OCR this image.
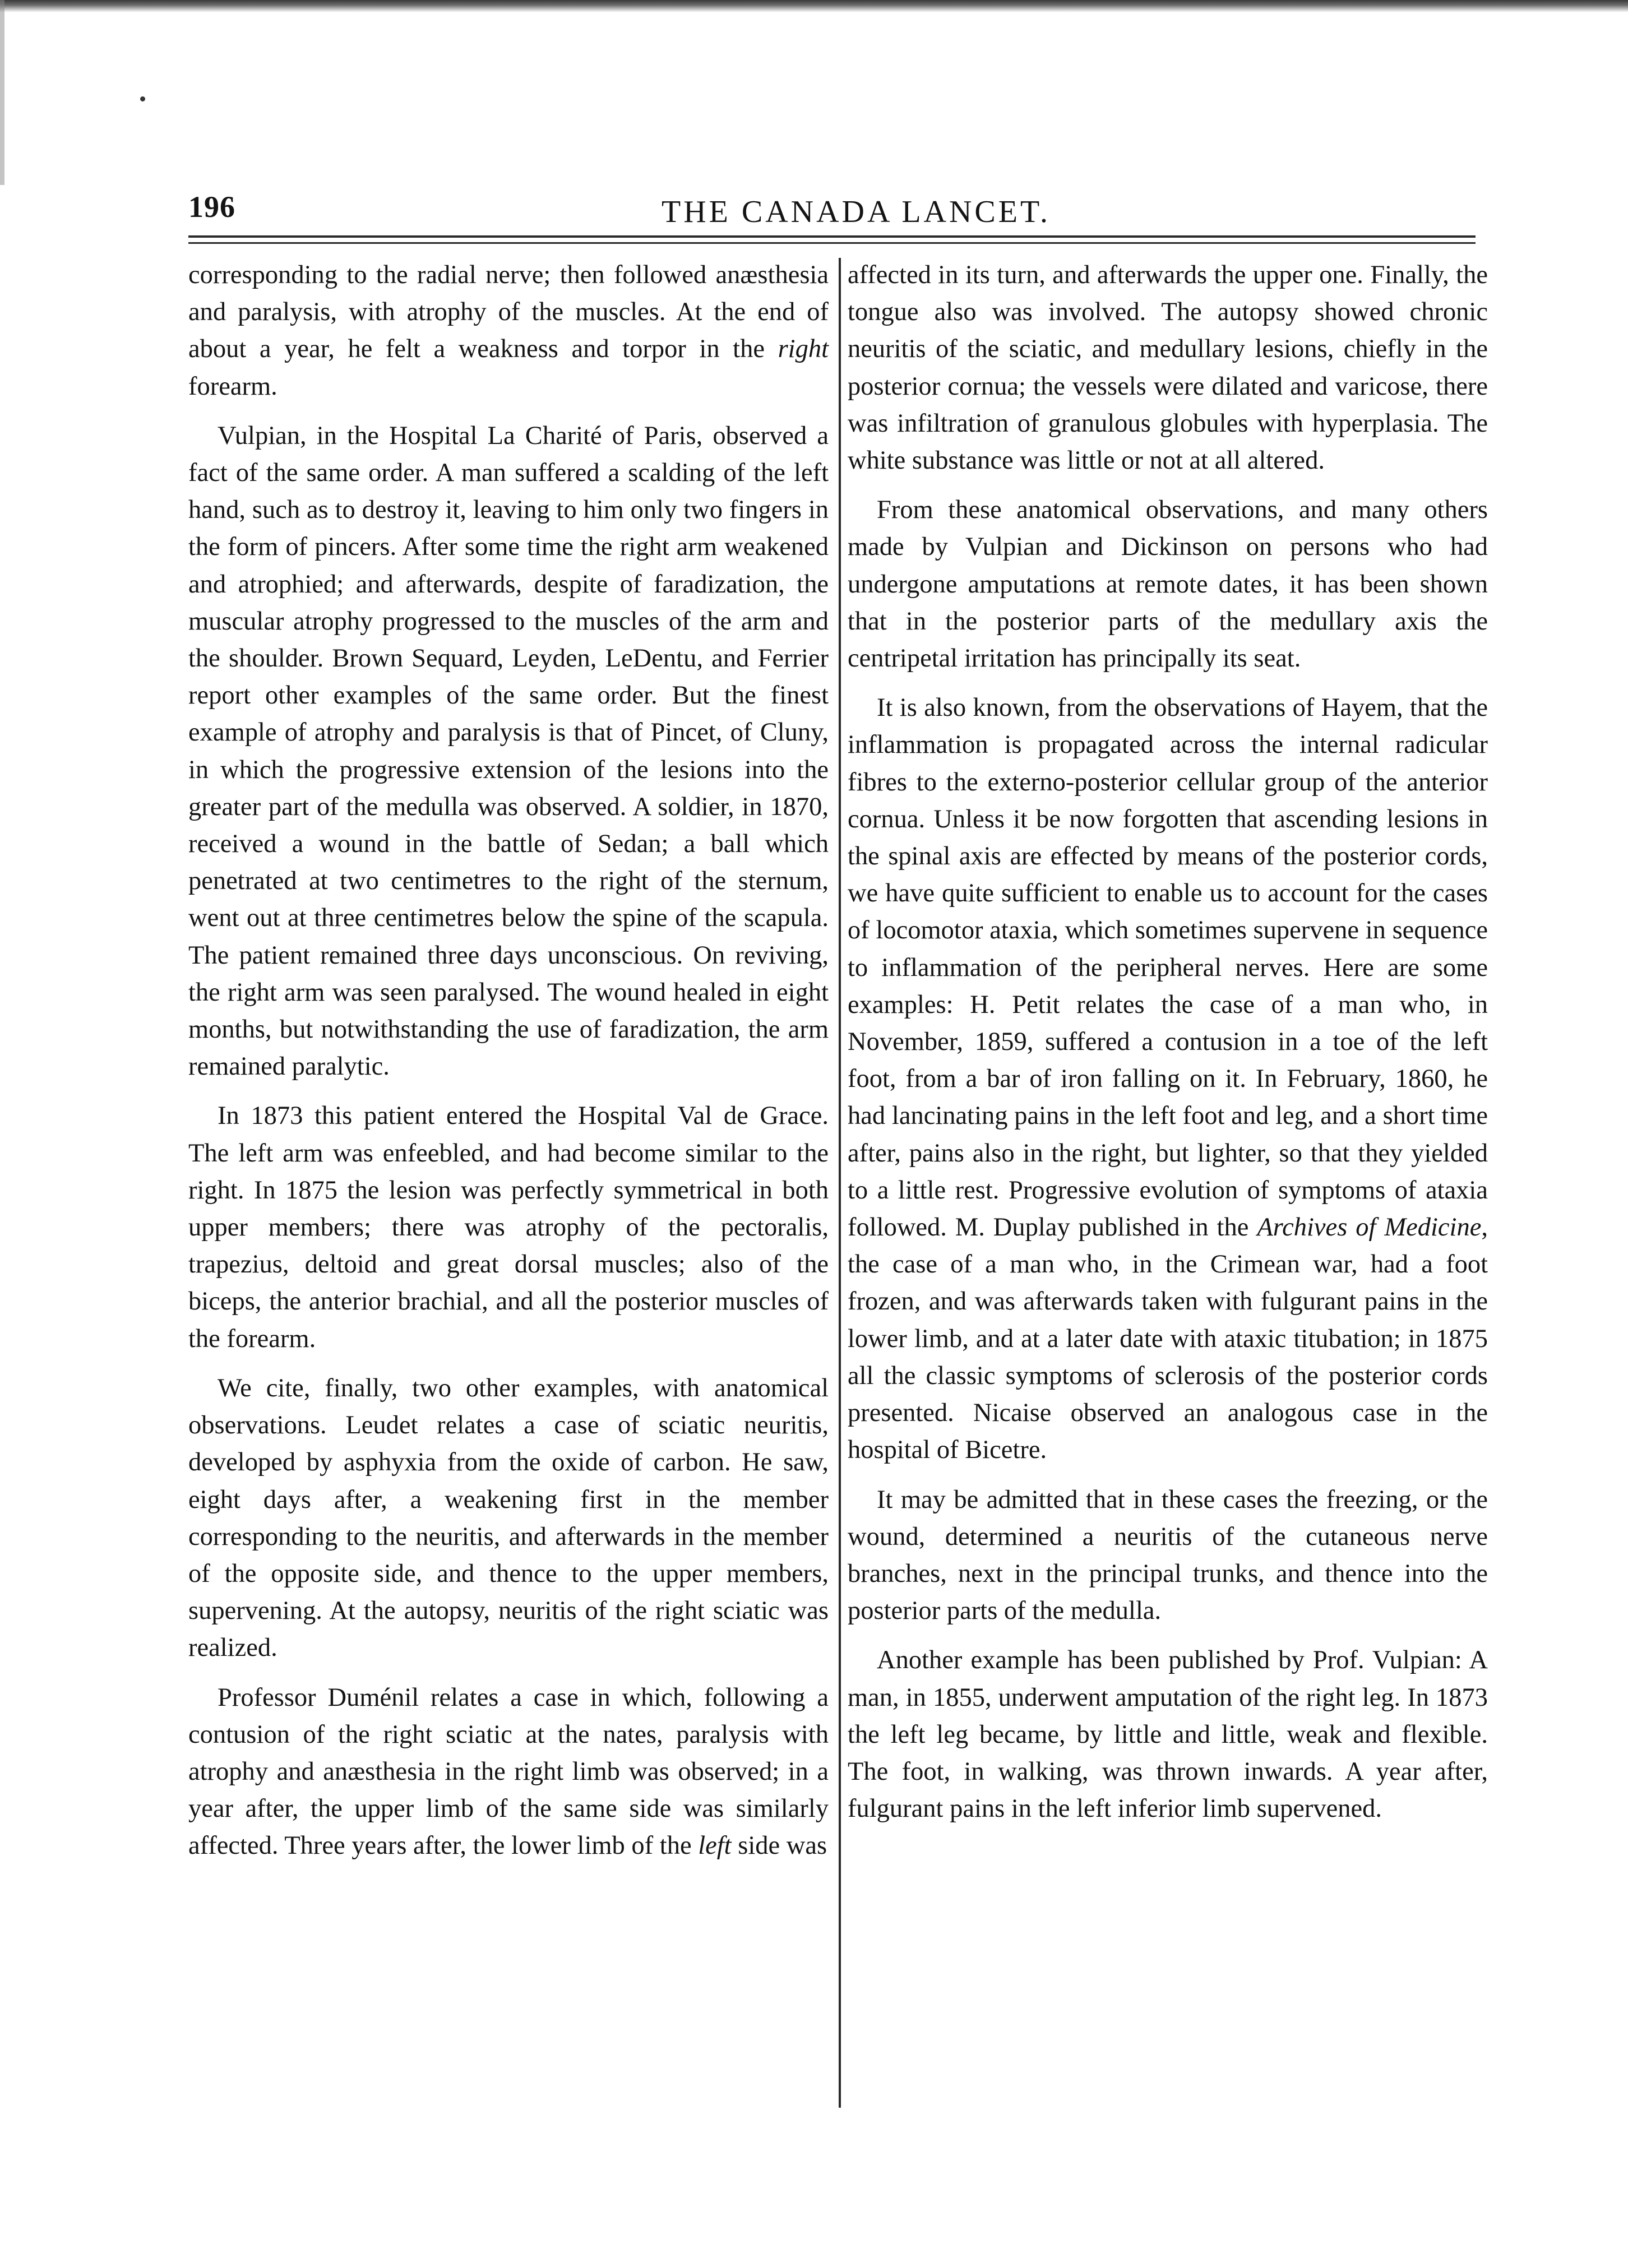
196	THE CANADA LANCET.

corresponding to the radial nerve; then followed anæsthesia and paralysis, with atrophy of the muscles. At the end of about a year, he felt a weakness and torpor in the right forearm.

Vulpian, in the Hospital La Charité of Paris, observed a fact of the same order. A man suffered a scalding of the left hand, such as to destroy it, leaving to him only two fingers in the form of pincers. After some time the right arm weakened and atrophied; and afterwards, despite of faradization, the muscular atrophy progressed to the muscles of the arm and the shoulder. Brown Sequard, Leyden, LeDentu, and Ferrier report other examples of the same order. But the finest example of atrophy and paralysis is that of Pincet, of Cluny, in which the progressive extension of the lesions into the greater part of the medulla was observed. A soldier, in 1870, received a wound in the battle of Sedan; a ball which penetrated at two centimetres to the right of the sternum, went out at three centimetres below the spine of the scapula. The patient remained three days unconscious. On reviving, the right arm was seen paralysed. The wound healed in eight months, but notwithstanding the use of faradization, the arm remained paralytic.

In 1873 this patient entered the Hospital Val de Grace. The left arm was enfeebled, and had become similar to the right. In 1875 the lesion was perfectly symmetrical in both upper members; there was atrophy of the pectoralis, trapezius, deltoid and great dorsal muscles; also of the biceps, the anterior brachial, and all the posterior muscles of the forearm.

We cite, finally, two other examples, with anatomical observations. Leudet relates a case of sciatic neuritis, developed by asphyxia from the oxide of carbon. He saw, eight days after, a weakening first in the member corresponding to the neuritis, and afterwards in the member of the opposite side, and thence to the upper members, supervening. At the autopsy, neuritis of the right sciatic was realized.

Professor Duménil relates a case in which, following a contusion of the right sciatic at the nates, paralysis with atrophy and anæsthesia in the right limb was observed; in a year after, the upper limb of the same side was similarly affected. Three years after, the lower limb of the left side was

affected in its turn, and afterwards the upper one. Finally, the tongue also was involved. The autopsy showed chronic neuritis of the sciatic, and medullary lesions, chiefly in the posterior cornua; the vessels were dilated and varicose, there was infiltration of granulous globules with hyperplasia. The white substance was little or not at all altered.

From these anatomical observations, and many others made by Vulpian and Dickinson on persons who had undergone amputations at remote dates, it has been shown that in the posterior parts of the medullary axis the centripetal irritation has principally its seat.

It is also known, from the observations of Hayem, that the inflammation is propagated across the internal radicular fibres to the externo-posterior cellular group of the anterior cornua. Unless it be now forgotten that ascending lesions in the spinal axis are effected by means of the posterior cords, we have quite sufficient to enable us to account for the cases of locomotor ataxia, which sometimes supervene in sequence to inflammation of the peripheral nerves. Here are some examples: H. Petit relates the case of a man who, in November, 1859, suffered a contusion in a toe of the left foot, from a bar of iron falling on it. In February, 1860, he had lancinating pains in the left foot and leg, and a short time after, pains also in the right, but lighter, so that they yielded to a little rest. Progressive evolution of symptoms of ataxia followed. M. Duplay published in the Archives of Medicine, the case of a man who, in the Crimean war, had a foot frozen, and was afterwards taken with fulgurant pains in the lower limb, and at a later date with ataxic titubation; in 1875 all the classic symptoms of sclerosis of the posterior cords presented. Nicaise observed an analogous case in the hospital of Bicetre.

It may be admitted that in these cases the freezing, or the wound, determined a neuritis of the cutaneous nerve branches, next in the principal trunks, and thence into the posterior parts of the medulla.

Another example has been published by Prof. Vulpian: A man, in 1855, underwent amputation of the right leg. In 1873 the left leg became, by little and little, weak and flexible. The foot, in walking, was thrown inwards. A year after, fulgurant pains in the left inferior limb supervened.
